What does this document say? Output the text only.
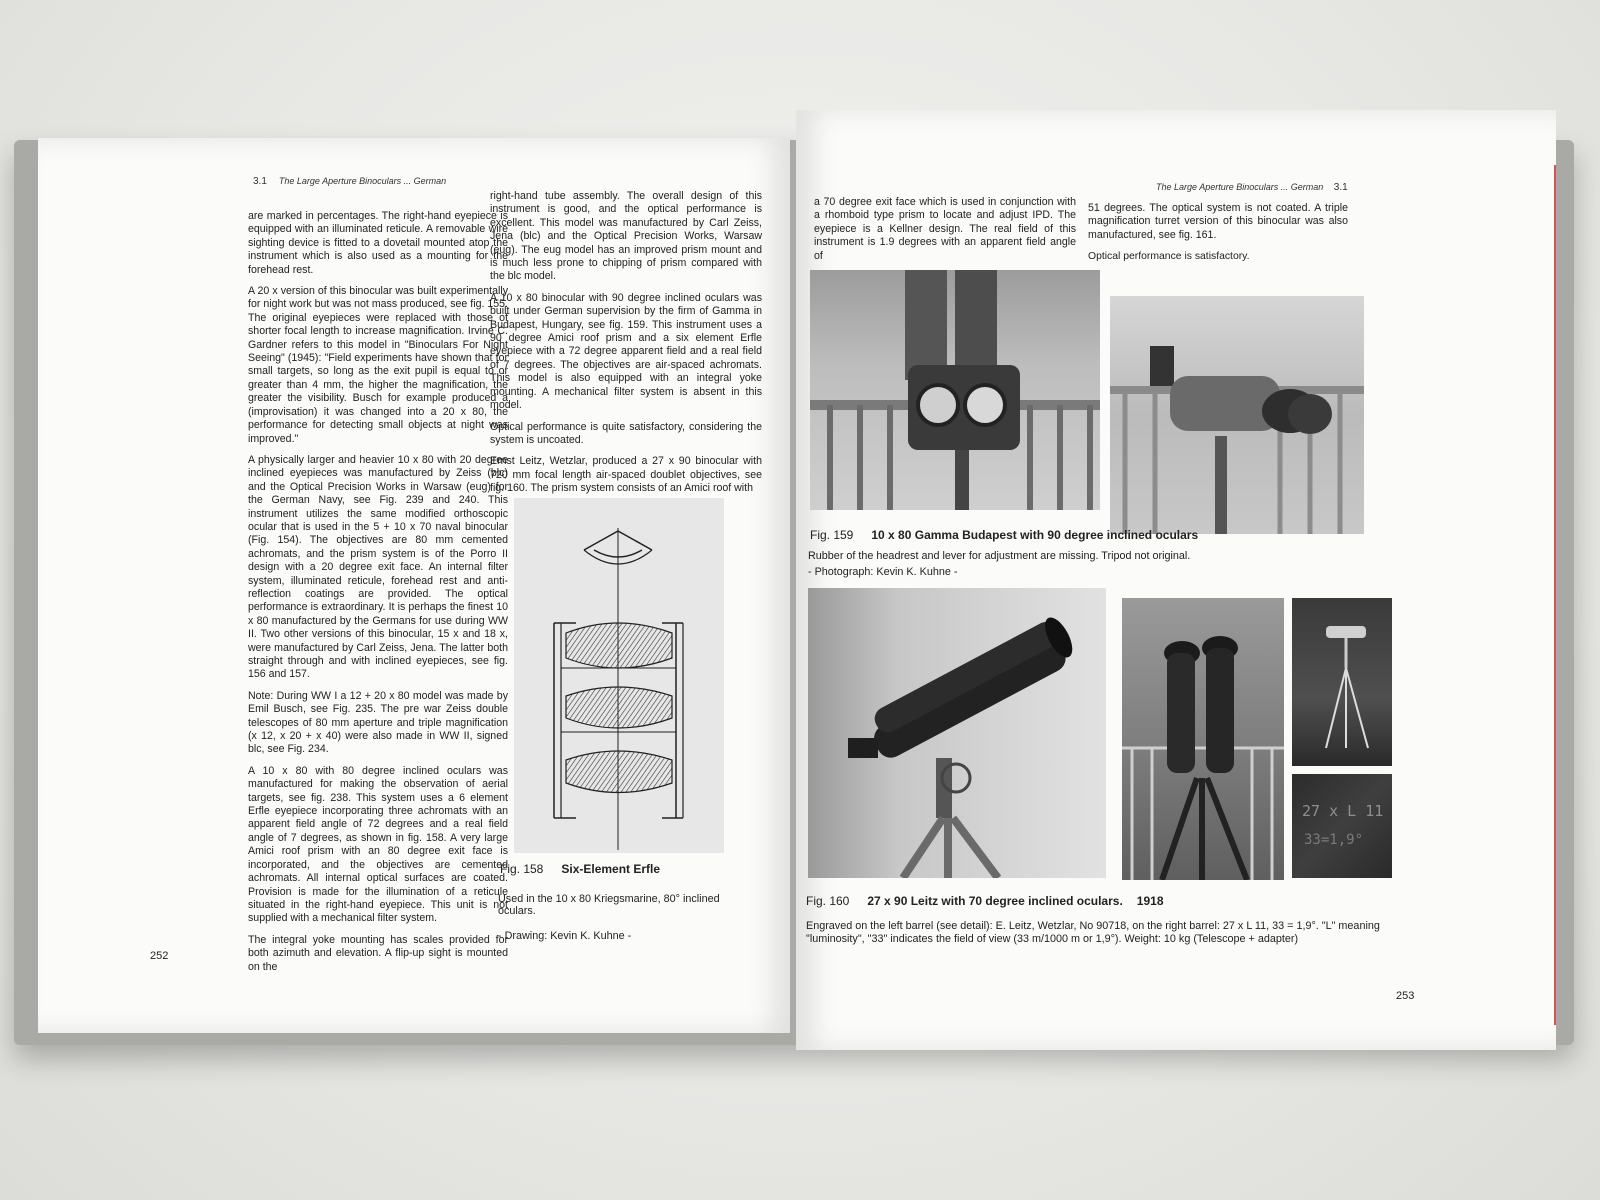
3.1 The Large Aperture Binoculars ... German

are marked in percentages. The right-hand eyepiece is equipped with an illuminated reticule. A removable wire sighting device is fitted to a dovetail mounted atop the instrument which is also used as a mounting for the forehead rest.

A 20 x version of this binocular was built experimentally for night work but was not mass produced, see fig. 155. The original eyepieces were replaced with those of shorter focal length to increase magnification. Irvine C. Gardner refers to this model in "Binoculars For Night Seeing" (1945): "Field experiments have shown that for small targets, so long as the exit pupil is equal to or greater than 4 mm, the higher the magnification, the greater the visibility. Busch for example produced a (improvisation) it was changed into a 20 x 80, the performance for detecting small objects at night was improved."

A physically larger and heavier 10 x 80 with 20 degree inclined eyepieces was manufactured by Zeiss (blc) and the Optical Precision Works in Warsaw (eug) for the German Navy, see Fig. 239 and 240. This instrument utilizes the same modified orthoscopic ocular that is used in the 5 + 10 x 70 naval binocular (Fig. 154). The objectives are 80 mm cemented achromats, and the prism system is of the Porro II design with a 20 degree exit face. An internal filter system, illuminated reticule, forehead rest and anti-reflection coatings are provided. The optical performance is extraordinary. It is perhaps the finest 10 x 80 manufactured by the Germans for use during WW II. Two other versions of this binocular, 15 x and 18 x, were manufactured by Carl Zeiss, Jena. The latter both straight through and with inclined eyepieces, see fig. 156 and 157.

Note: During WW I a 12 + 20 x 80 model was made by Emil Busch, see Fig. 235. The pre war Zeiss double telescopes of 80 mm aperture and triple magnification (x 12, x 20 + x 40) were also made in WW II, signed blc, see Fig. 234.

A 10 x 80 with 80 degree inclined oculars was manufactured for making the observation of aerial targets, see fig. 238. This system uses a 6 element Erfle eyepiece incorporating three achromats with an apparent field angle of 72 degrees and a real field angle of 7 degrees, as shown in fig. 158. A very large Amici roof prism with an 80 degree exit face is incorporated, and the objectives are cemented achromats. All internal optical surfaces are coated. Provision is made for the illumination of a reticule situated in the right-hand eyepiece. This unit is not supplied with a mechanical filter system.

The integral yoke mounting has scales provided for both azimuth and elevation. A flip-up sight is mounted on the

right-hand tube assembly. The overall design of this instrument is good, and the optical performance is excellent. This model was manufactured by Carl Zeiss, Jena (blc) and the Optical Precision Works, Warsaw (eug). The eug model has an improved prism mount and is much less prone to chipping of prism compared with the blc model.

A 10 x 80 binocular with 90 degree inclined oculars was built under German supervision by the firm of Gamma in Budapest, Hungary, see fig. 159. This instrument uses a 90 degree Amici roof prism and a six element Erfle eyepiece with a 72 degree apparent field and a real field of 7 degrees. The objectives are air-spaced achromats. This model is also equipped with an integral yoke mounting. A mechanical filter system is absent in this model.

Optical performance is quite satisfactory, considering the system is uncoated.

Ernst Leitz, Wetzlar, produced a 27 x 90 binocular with 720 mm focal length air-spaced doublet objectives, see fig. 160. The prism system consists of an Amici roof with

Fig. 158 Six-Element Erfle
Used in the 10 x 80 Kriegsmarine, 80° inclined oculars.
- Drawing: Kevin K. Kuhne -
252
The Large Aperture Binoculars ... German 3.1

a 70 degree exit face which is used in conjunction with a rhomboid type prism to locate and adjust IPD. The eyepiece is a Kellner design. The real field of this instrument is 1.9 degrees with an apparent field angle of

51 degrees. The optical system is not coated. A triple magnification turret version of this binocular was also manufactured, see fig. 161.

Optical performance is satisfactory.

Fig. 159 10 x 80 Gamma Budapest with 90 degree inclined oculars
Rubber of the headrest and lever for adjustment are missing. Tripod not original.
- Photograph: Kevin K. Kuhne -
27 x L 11
33=1,9°
Fig. 160 27 x 90 Leitz with 70 degree inclined oculars. 1918
Engraved on the left barrel (see detail): E. Leitz, Wetzlar, No 90718, on the right barrel: 27 x L 11, 33 = 1,9°. "L" meaning "luminosity", "33" indicates the field of view (33 m/1000 m or 1,9°). Weight: 10 kg (Telescope + adapter)
253
